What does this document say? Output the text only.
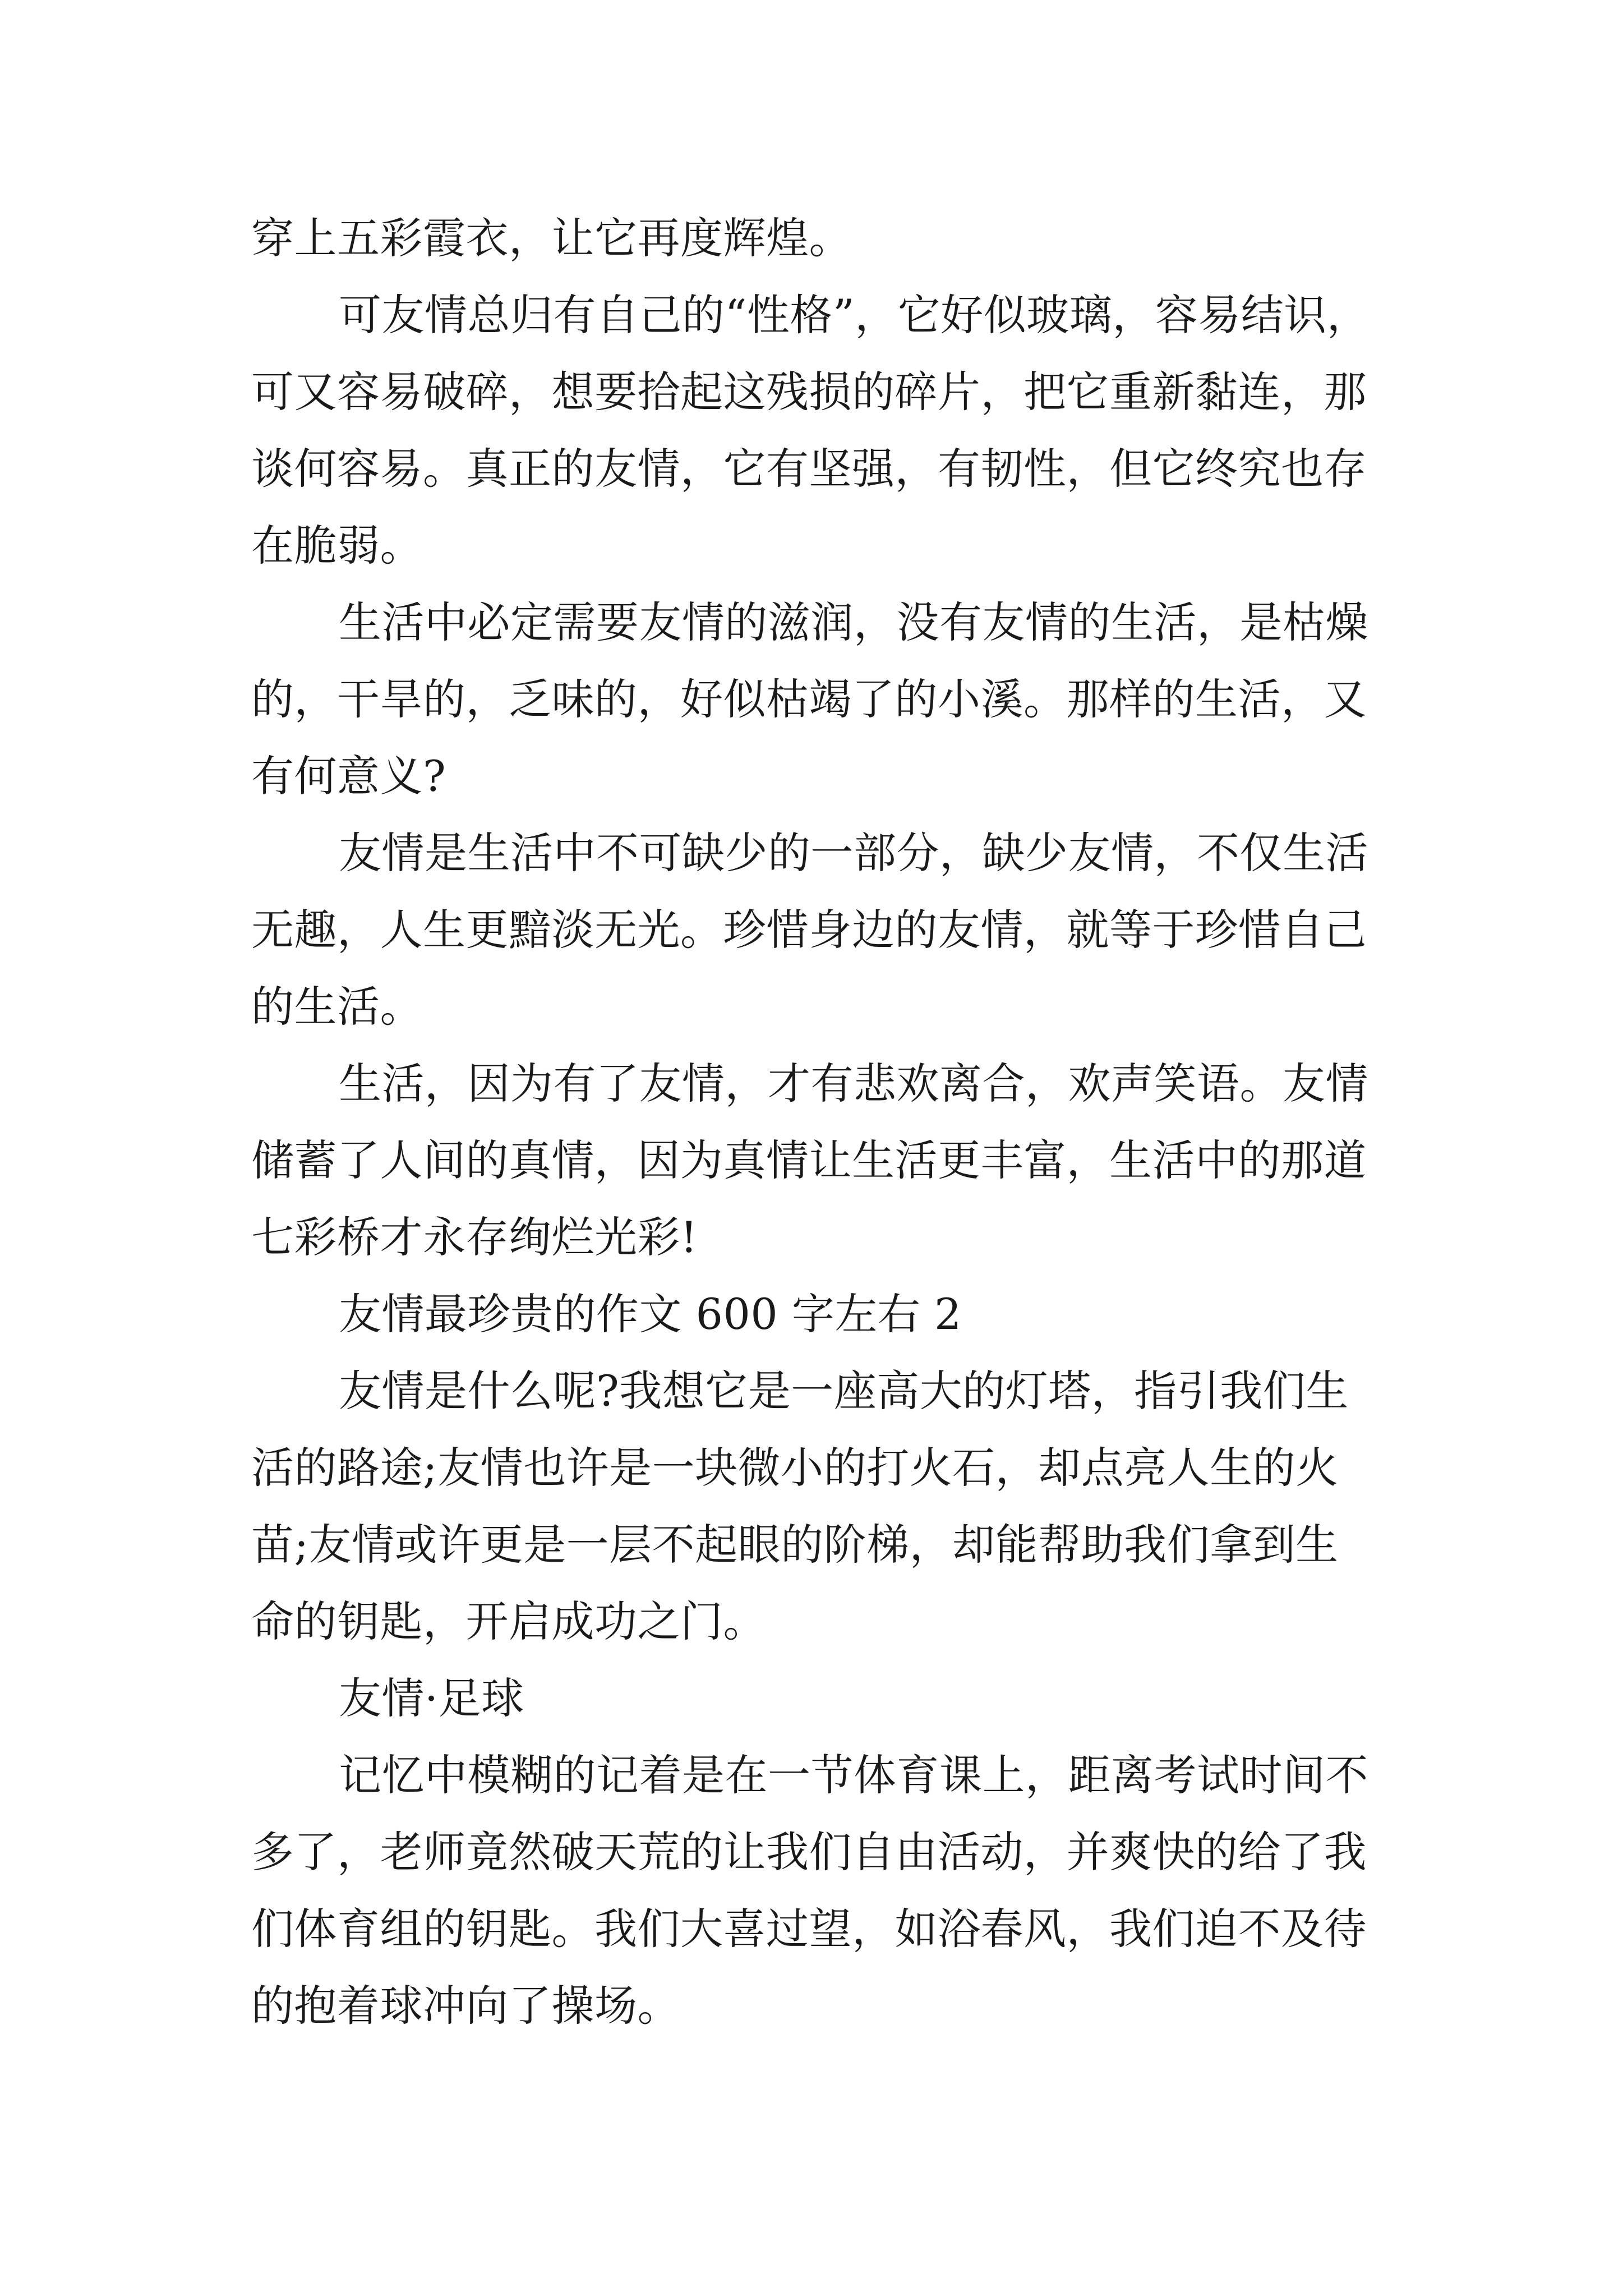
穿上五彩霞衣，让它再度辉煌。
可友情总归有自己的“性格”，它好似玻璃，容易结识，
可又容易破碎，想要拾起这残损的碎片，把它重新黏连，那
谈何容易。真正的友情，它有坚强，有韧性，但它终究也存
在脆弱。
生活中必定需要友情的滋润，没有友情的生活，是枯燥
的，干旱的，乏味的，好似枯竭了的小溪。那样的生活，又
有何意义?
友情是生活中不可缺少的一部分，缺少友情，不仅生活
无趣，人生更黯淡无光。珍惜身边的友情，就等于珍惜自己
的生活。
生活，因为有了友情，才有悲欢离合，欢声笑语。友情
储蓄了人间的真情，因为真情让生活更丰富，生活中的那道
七彩桥才永存绚烂光彩!
友情最珍贵的作文 600 字左右 2
友情是什么呢?我想它是一座高大的灯塔，指引我们生
活的路途;友情也许是一块微小的打火石，却点亮人生的火
苗;友情或许更是一层不起眼的阶梯，却能帮助我们拿到生
命的钥匙，开启成功之门。
友情·足球
记忆中模糊的记着是在一节体育课上，距离考试时间不
多了，老师竟然破天荒的让我们自由活动，并爽快的给了我
们体育组的钥匙。我们大喜过望，如浴春风，我们迫不及待
的抱着球冲向了操场。
